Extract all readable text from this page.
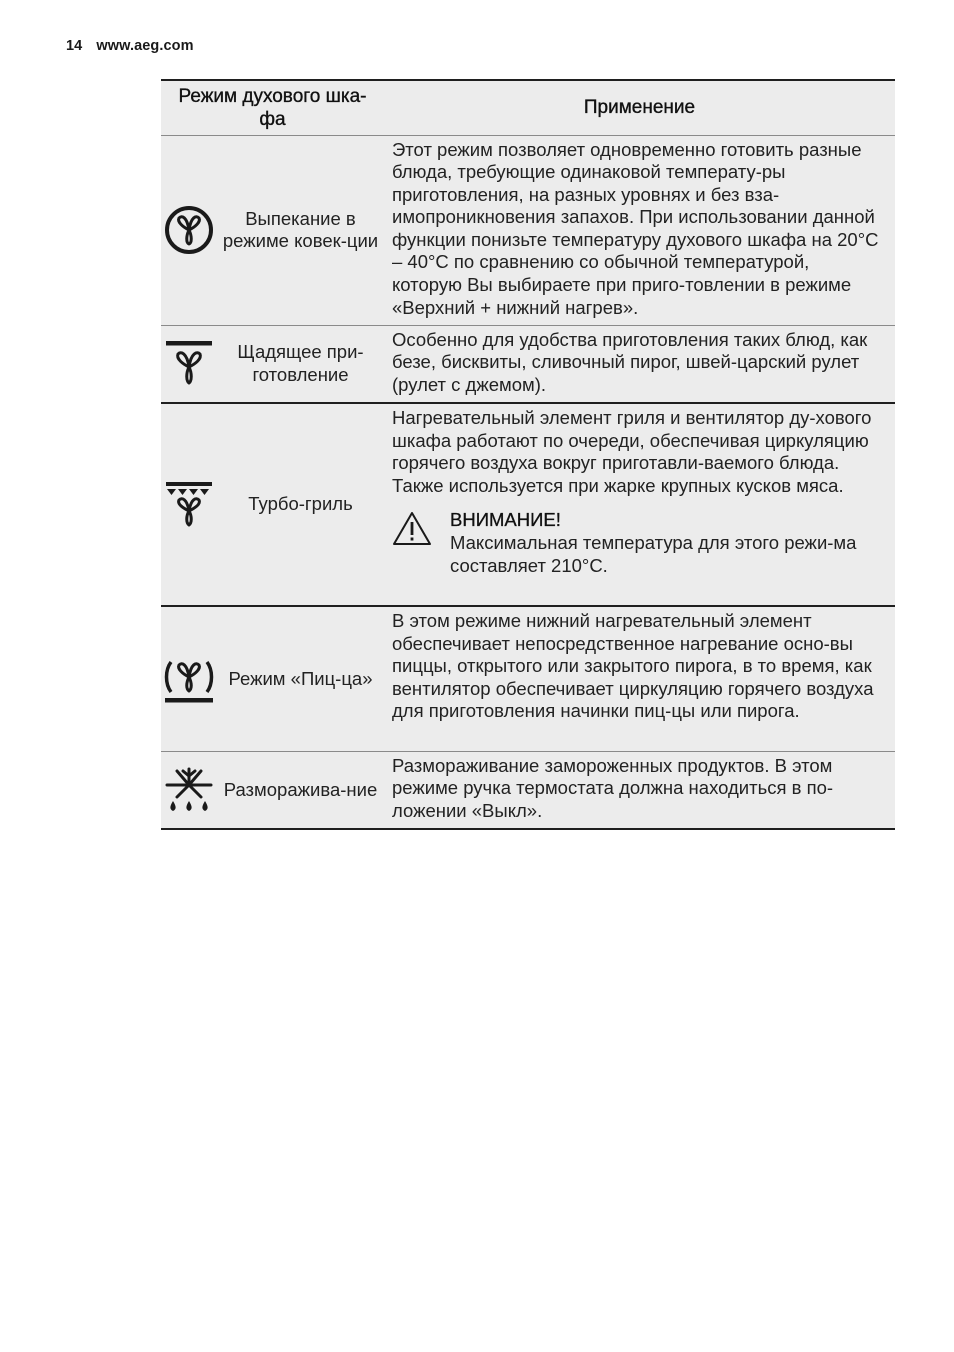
14 www.aeg.com
Режим духового шка-
фа	Применение

Выпекание в режиме ковек-ции	Этот режим позволяет одновременно готовить разные блюда, требующие одинаковой температу-ры приготовления, на разных уровнях и без вза-имопроникновения запахов. При использовании данной функции понизьте температуру духового шкафа на 20°C – 40°C по сравнению со обычной температурой, которую Вы выбираете при приго-товлении в режиме «Верхний + нижний нагрев».

Щадящее при-готовление	Особенно для удобства приготовления таких блюд, как безе, бисквиты, сливочный пирог, швей-царский рулет (рулет с джемом).

Турбо-гриль	Нагревательный элемент гриля и вентилятор ду-хового шкафа работают по очереди, обеспечивая циркуляцию горячего воздуха вокруг приготавли-ваемого блюда. Также используется при жарке крупных кусков мяса.
ВНИМАНИЕ!
Максимальная температура для этого режи-ма составляет 210°C.

Режим «Пиц-ца»	В этом режиме нижний нагревательный элемент обеспечивает непосредственное нагревание осно-вы пиццы, открытого или закрытого пирога, в то время, как вентилятор обеспечивает циркуляцию горячего воздуха для приготовления начинки пиц-цы или пирога.

Разморажива-ние	Размораживание замороженных продуктов. В этом режиме ручка термостата должна находиться в по-ложении «Выкл».
